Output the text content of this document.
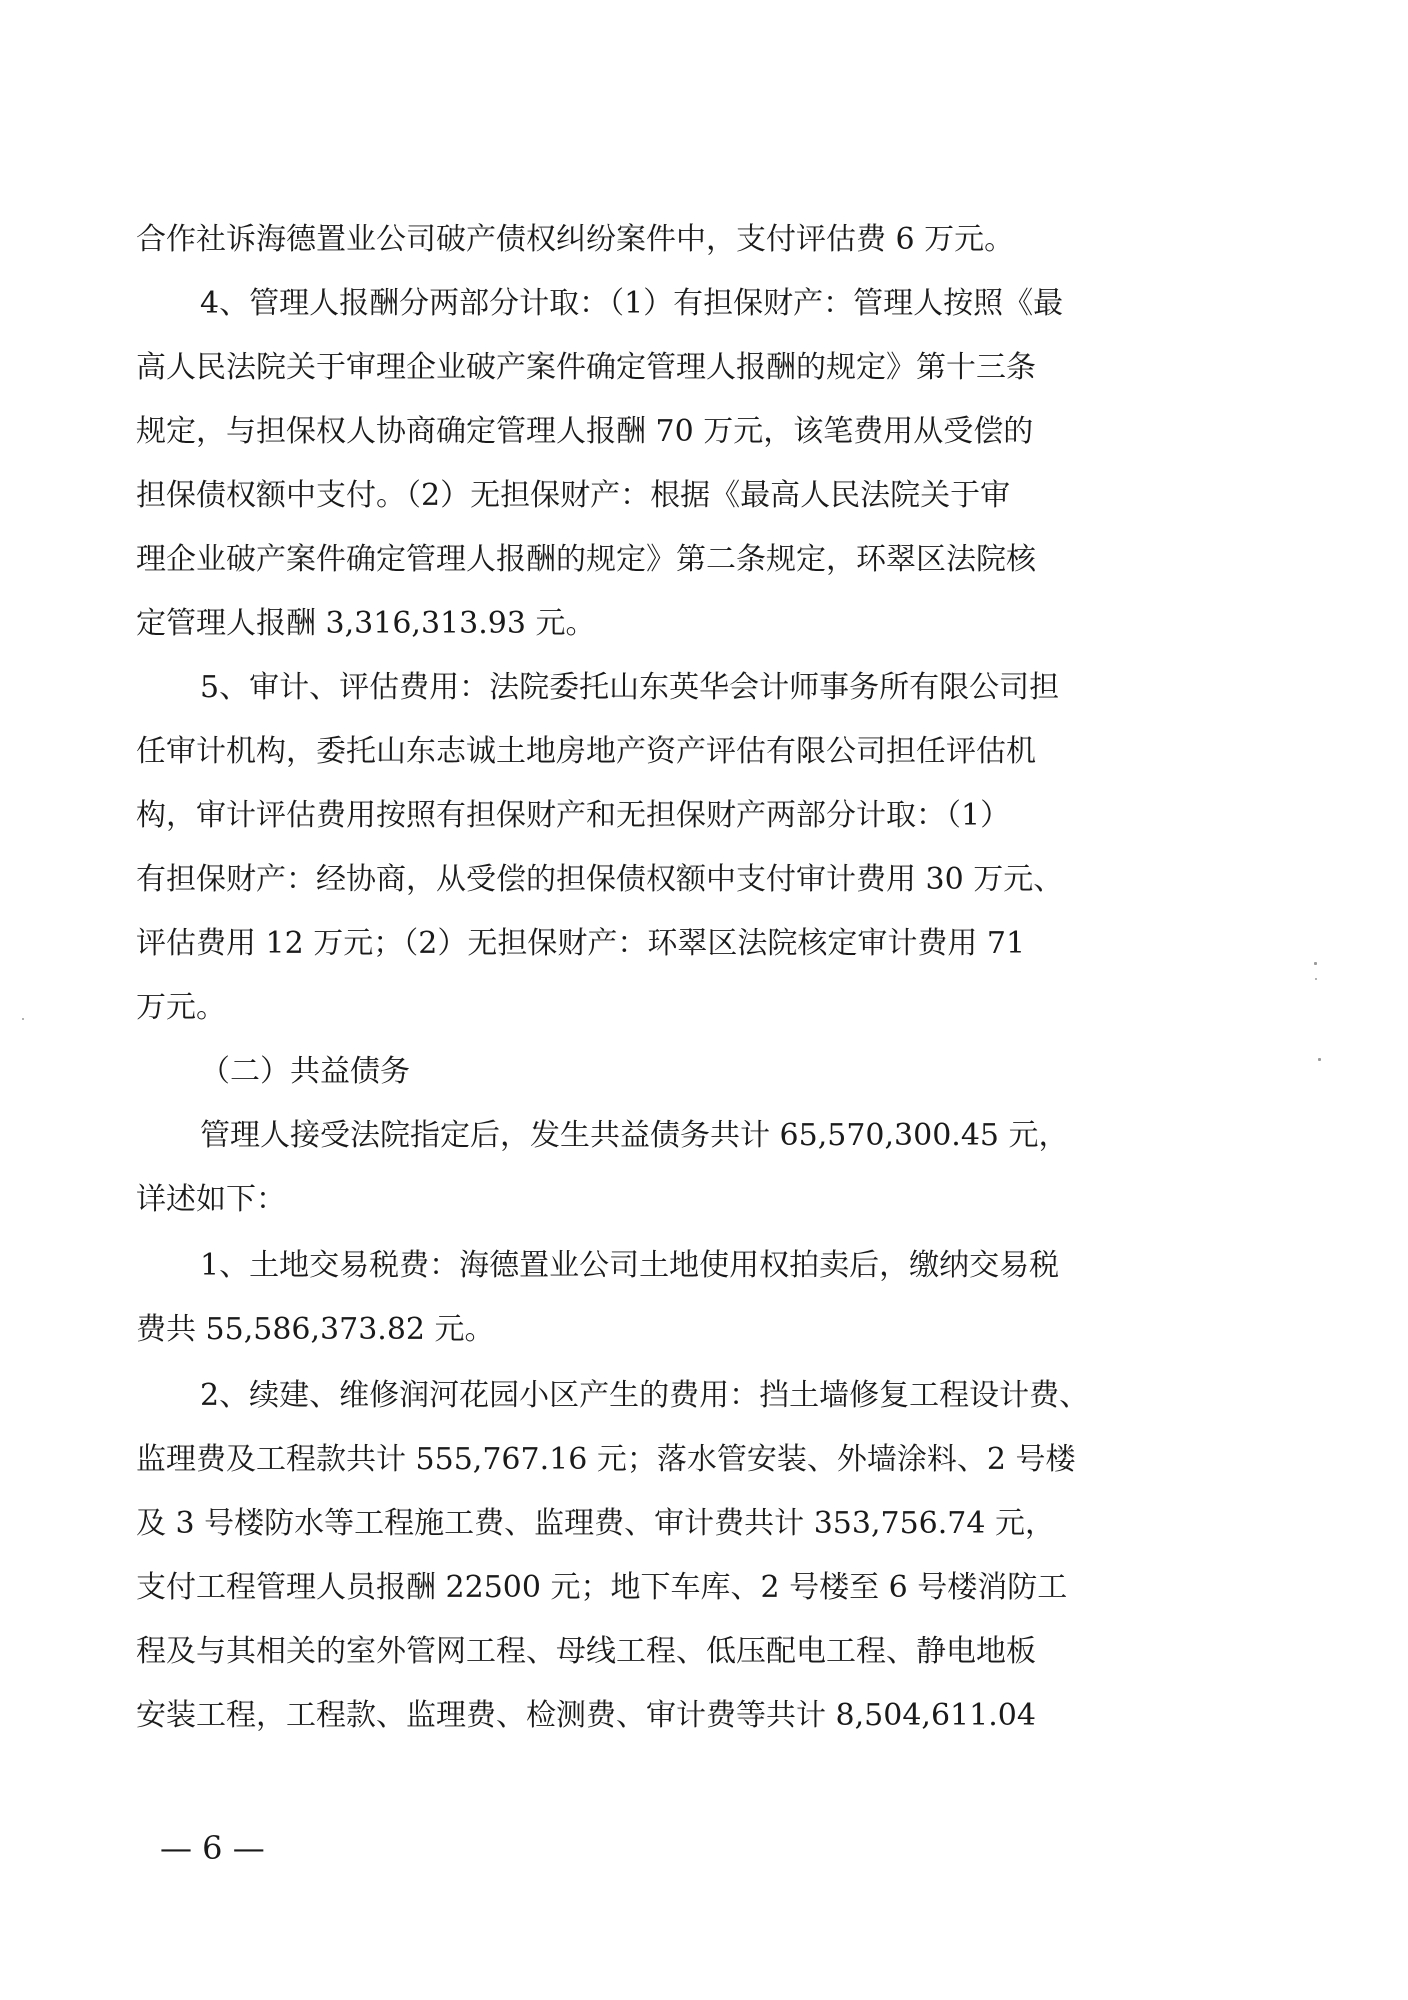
合作社诉海德置业公司破产债权纠纷案件中，支付评估费 6 万元。
4、管理人报酬分两部分计取：（1）有担保财产：管理人按照《最
高人民法院关于审理企业破产案件确定管理人报酬的规定》第十三条
规定，与担保权人协商确定管理人报酬 70 万元，该笔费用从受偿的
担保债权额中支付。（2）无担保财产：根据《最高人民法院关于审
理企业破产案件确定管理人报酬的规定》第二条规定，环翠区法院核
定管理人报酬 3,316,313.93 元。
5、审计、评估费用：法院委托山东英华会计师事务所有限公司担
任审计机构，委托山东志诚土地房地产资产评估有限公司担任评估机
构，审计评估费用按照有担保财产和无担保财产两部分计取：（1）
有担保财产：经协商，从受偿的担保债权额中支付审计费用 30 万元、
评估费用 12 万元；（2）无担保财产：环翠区法院核定审计费用 71
万元。
（二）共益债务
管理人接受法院指定后，发生共益债务共计 65,570,300.45 元，
详述如下：
1、土地交易税费：海德置业公司土地使用权拍卖后，缴纳交易税
费共 55,586,373.82 元。
2、续建、维修润河花园小区产生的费用：挡土墙修复工程设计费、
监理费及工程款共计 555,767.16 元；落水管安装、外墙涂料、2 号楼
及 3 号楼防水等工程施工费、监理费、审计费共计 353,756.74 元，
支付工程管理人员报酬 22500 元；地下车库、2 号楼至 6 号楼消防工
程及与其相关的室外管网工程、母线工程、低压配电工程、静电地板
安装工程，工程款、监理费、检测费、审计费等共计 8,504,611.04
— 6 —
